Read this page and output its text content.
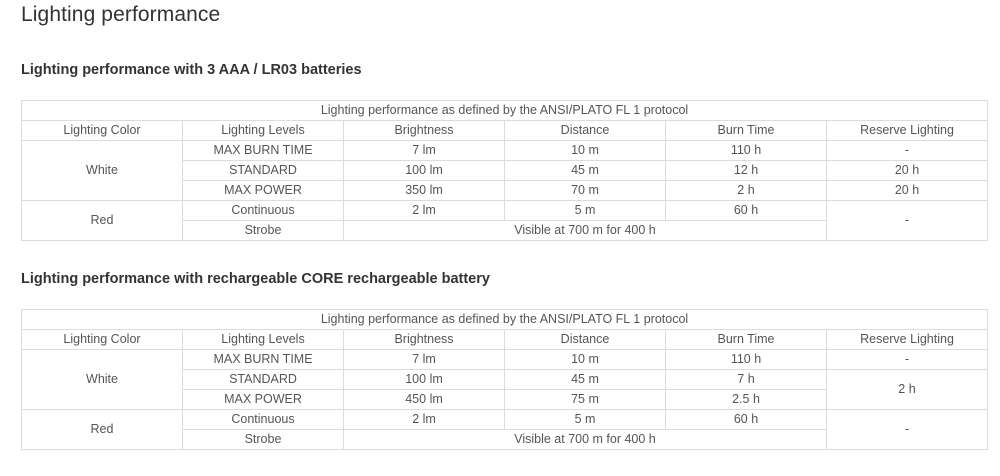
Lighting performance
Lighting performance with 3 AAA / LR03 batteries
Lighting performance as defined by the ANSI/PLATO FL 1 protocol					
Lighting Color	Lighting Levels	Brightness	Distance	Burn Time	Reserve Lighting
White	MAX BURN TIME	7 lm	10 m	110 h	-
	STANDARD	100 lm	45 m	12 h	20 h
	MAX POWER	350 lm	70 m	2 h	20 h
Red	Continuous	2 lm	5 m	60 h	-
	Strobe	Visible at 700 m for 400 h			
Lighting performance with rechargeable CORE rechargeable battery
Lighting performance as defined by the ANSI/PLATO FL 1 protocol					
Lighting Color	Lighting Levels	Brightness	Distance	Burn Time	Reserve Lighting
White	MAX BURN TIME	7 lm	10 m	110 h	-
	STANDARD	100 lm	45 m	7 h	2 h
	MAX POWER	450 lm	75 m	2.5 h	
Red	Continuous	2 lm	5 m	60 h	-
	Strobe	Visible at 700 m for 400 h			
